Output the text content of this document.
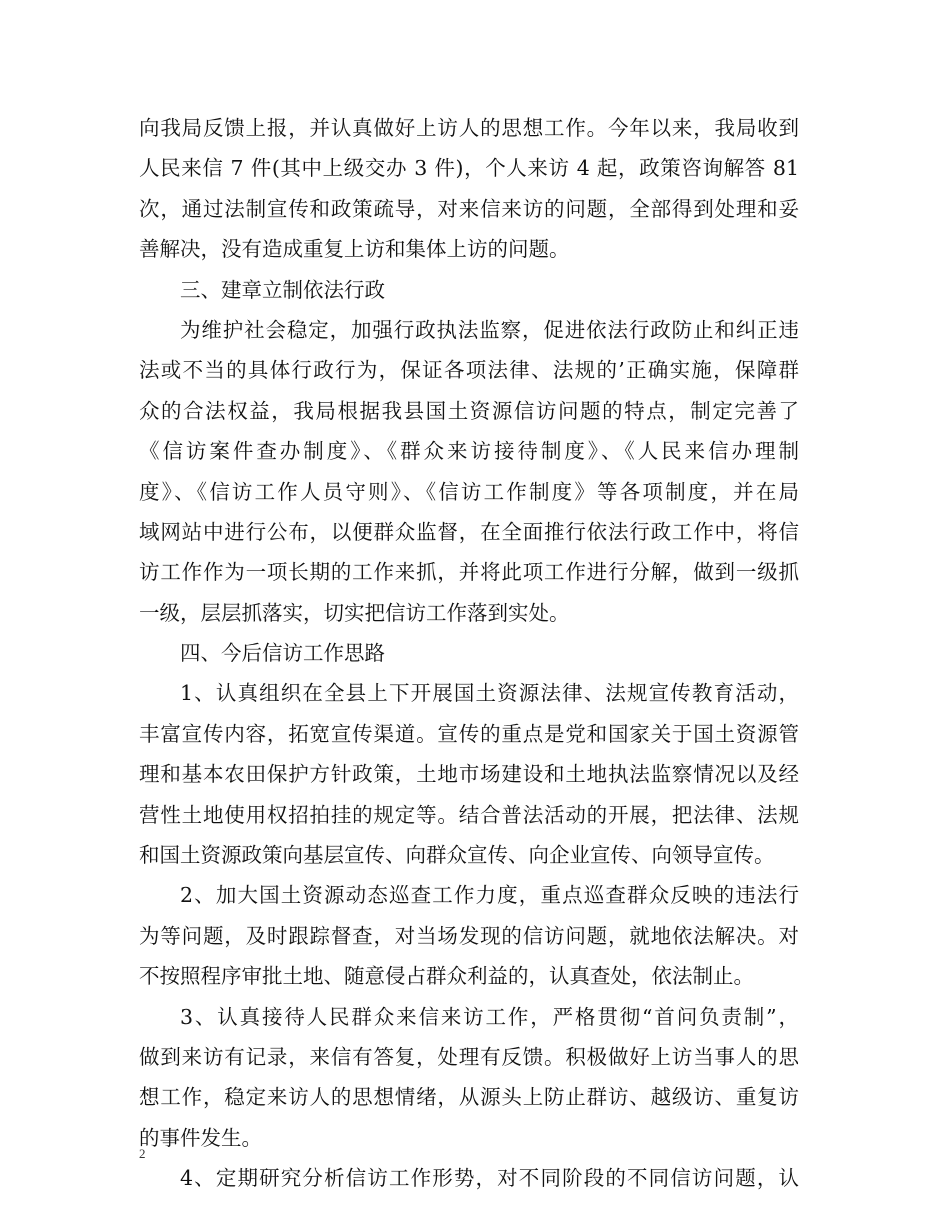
向我局反馈上报，并认真做好上访人的思想工作。今年以来，我局收到
人民来信 7 件(其中上级交办 3 件)，个人来访 4 起，政策咨询解答 81
次，通过法制宣传和政策疏导，对来信来访的问题，全部得到处理和妥
善解决，没有造成重复上访和集体上访的问题。
三、建章立制依法行政
为维护社会稳定，加强行政执法监察，促进依法行政防止和纠正违
法或不当的具体行政行为，保证各项法律、法规的’正确实施，保障群
众的合法权益，我局根据我县国土资源信访问题的特点，制定完善了
《信访案件查办制度》、《群众来访接待制度》、《人民来信办理制
度》、《信访工作人员守则》、《信访工作制度》等各项制度，并在局
域网站中进行公布，以便群众监督，在全面推行依法行政工作中，将信
访工作作为一项长期的工作来抓，并将此项工作进行分解，做到一级抓
一级，层层抓落实，切实把信访工作落到实处。
四、今后信访工作思路
1、认真组织在全县上下开展国土资源法律、法规宣传教育活动，
丰富宣传内容，拓宽宣传渠道。宣传的重点是党和国家关于国土资源管
理和基本农田保护方针政策，土地市场建设和土地执法监察情况以及经
营性土地使用权招拍挂的规定等。结合普法活动的开展，把法律、法规
和国土资源政策向基层宣传、向群众宣传、向企业宣传、向领导宣传。
2、加大国土资源动态巡查工作力度，重点巡查群众反映的违法行
为等问题，及时跟踪督查，对当场发现的信访问题，就地依法解决。对
不按照程序审批土地、随意侵占群众利益的，认真查处，依法制止。
3、认真接待人民群众来信来访工作，严格贯彻“首问负责制”，
做到来访有记录，来信有答复，处理有反馈。积极做好上访当事人的思
想工作，稳定来访人的思想情绪，从源头上防止群访、越级访、重复访
的事件发生。
4、定期研究分析信访工作形势，对不同阶段的不同信访问题，认
2
